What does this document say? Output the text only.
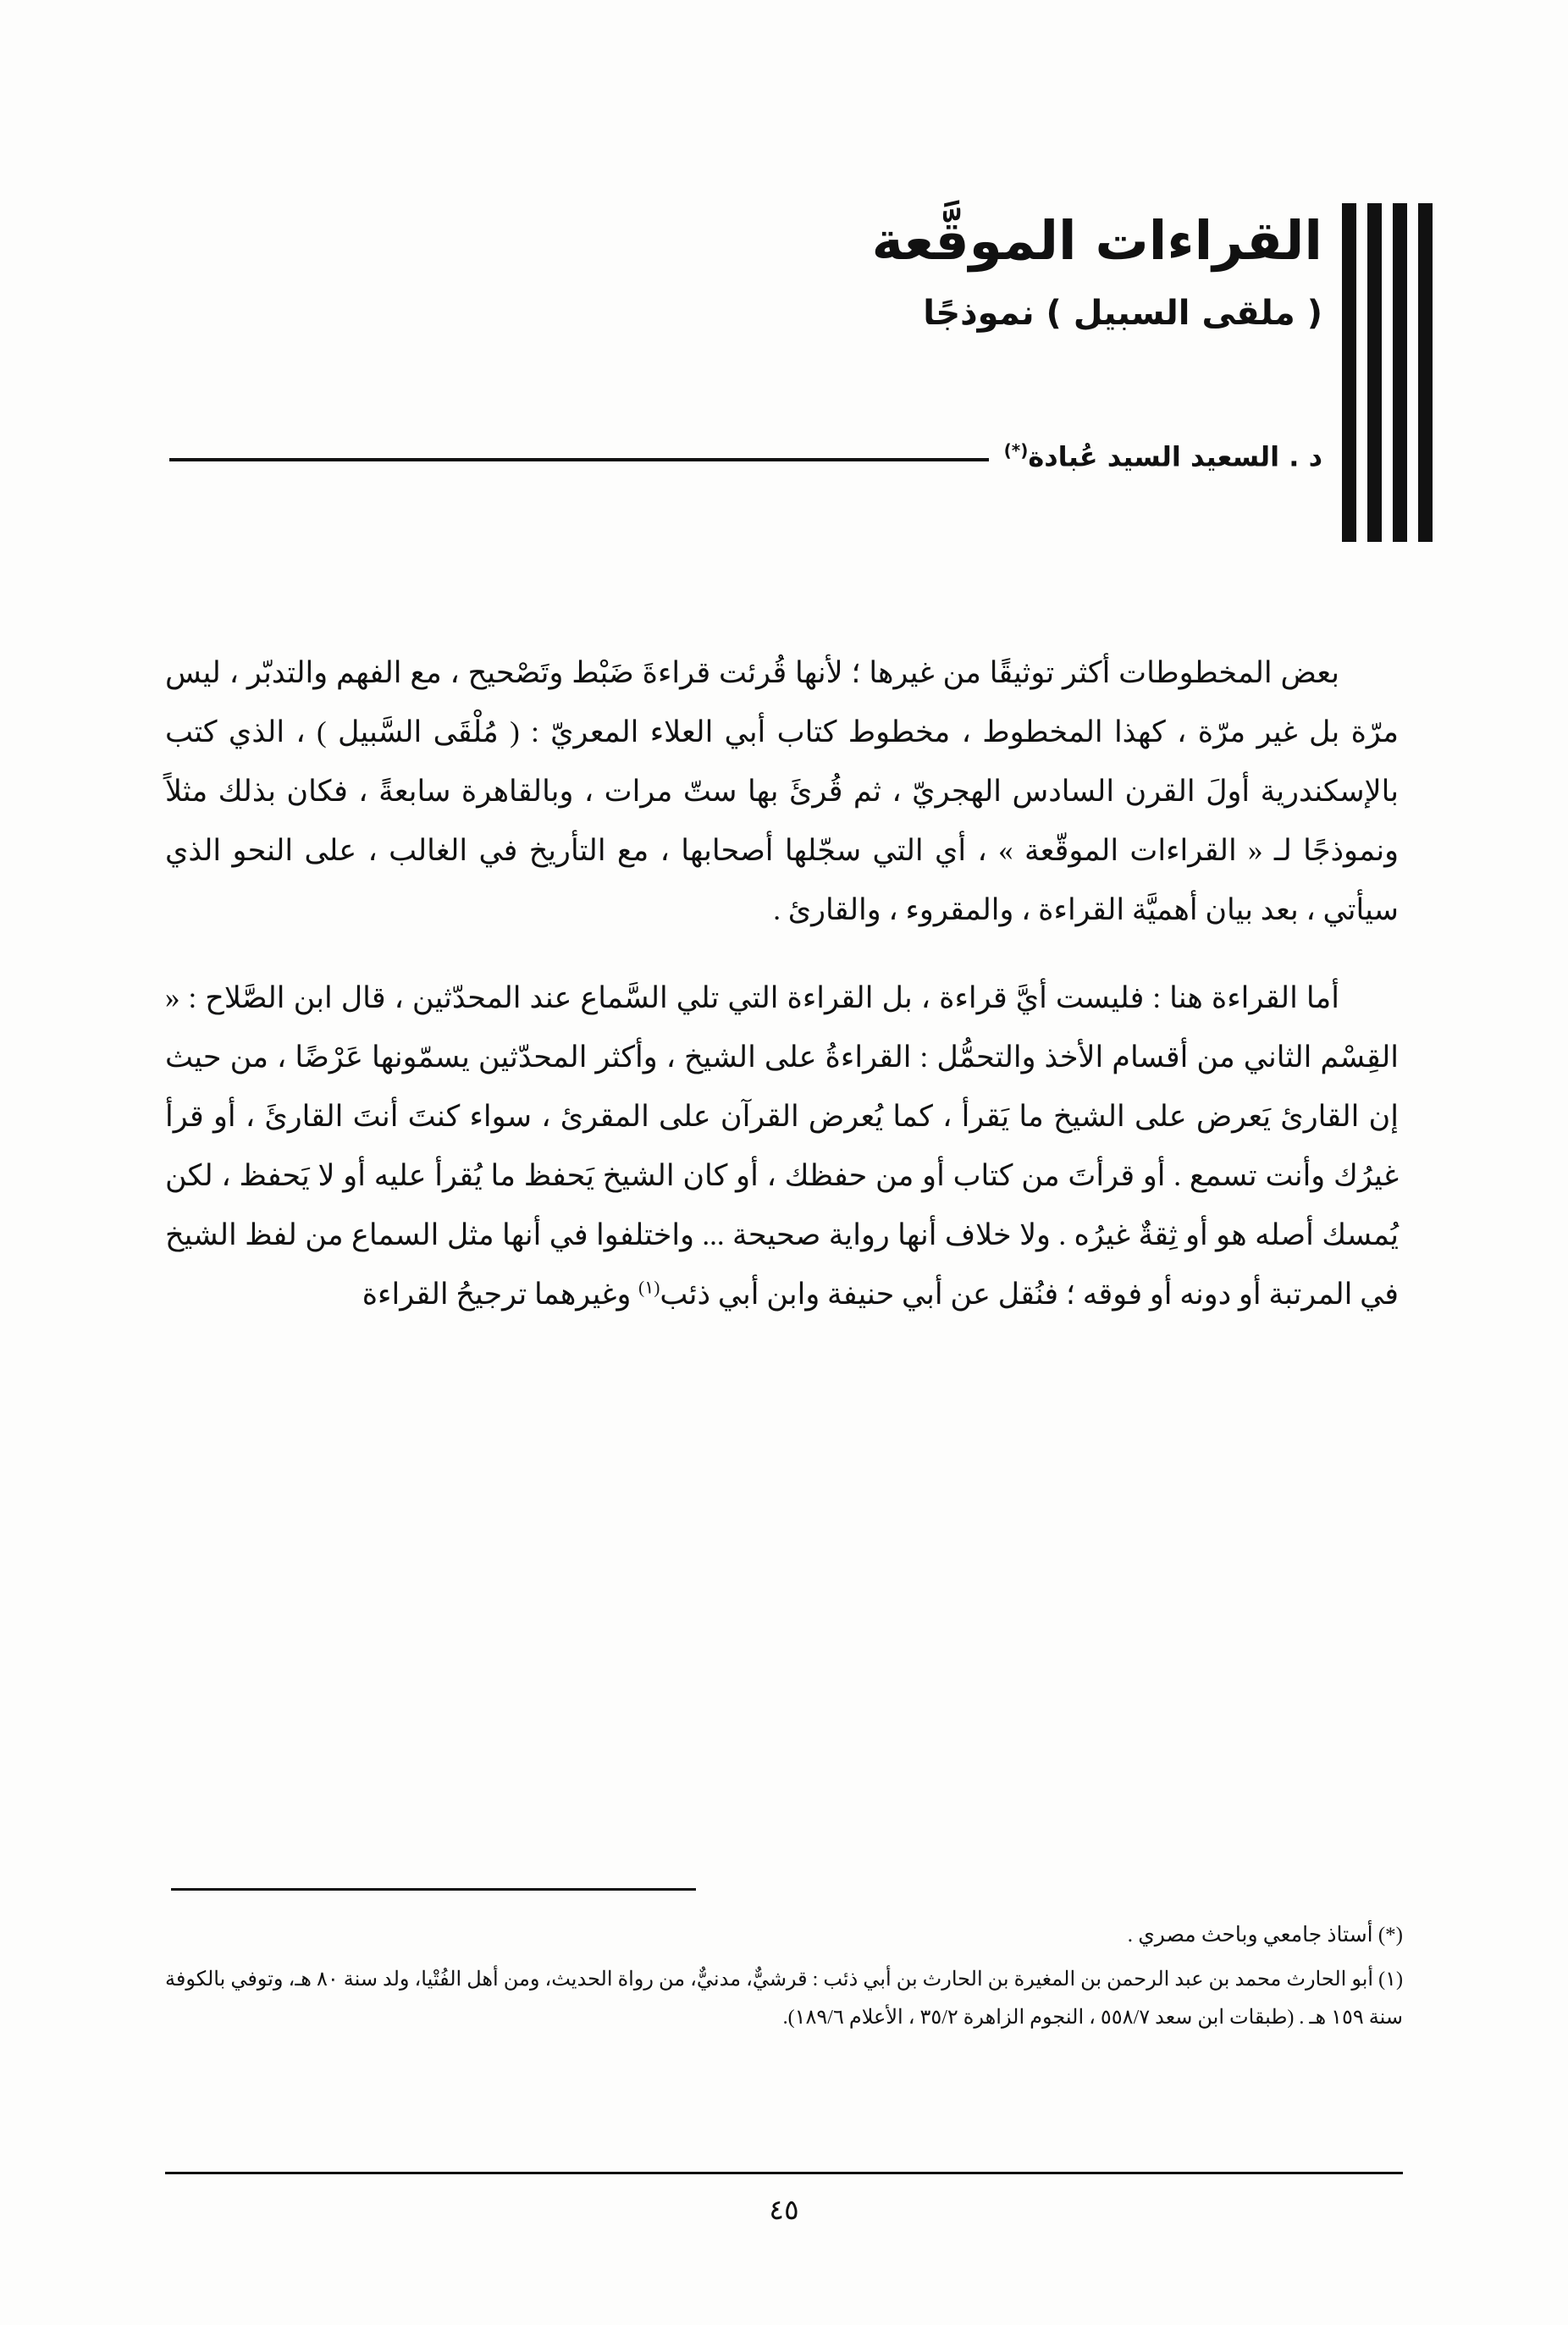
القراءات الموقَّعة
( ملقى السبيل ) نموذجًا
د . السعيد السيد عُبادة(*)

بعض المخطوطات أكثر توثيقًا من غيرها ؛ لأنها قُرئت قراءةَ ضَبْط وتَصْحيح ، مع الفهم والتدبّر ، ليس مرّة بل غير مرّة ، كهذا المخطوط ، مخطوط كتاب أبي العلاء المعريّ : ( مُلْقَى السَّبيل ) ، الذي كتب بالإسكندرية أولَ القرن السادس الهجريّ ، ثم قُرئَ بها ستّ مرات ، وبالقاهرة سابعةً ، فكان بذلك مثلاً ونموذجًا لـ « القراءات الموقّعة » ، أي التي سجّلها أصحابها ، مع التأريخ في الغالب ، على النحو الذي سيأتي ، بعد بيان أهميَّة القراءة ، والمقروء ، والقارئ .

أما القراءة هنا : فليست أيَّ قراءة ، بل القراءة التي تلي السَّماع عند المحدّثين ، قال ابن الصَّلاح : « القِسْم الثاني من أقسام الأخذ والتحمُّل : القراءةُ على الشيخ ، وأكثر المحدّثين يسمّونها عَرْضًا ، من حيث إن القارئ يَعرض على الشيخ ما يَقرأ ، كما يُعرض القرآن على المقرئ ، سواء كنتَ أنتَ القارئَ ، أو قرأ غيرُك وأنت تسمع . أو قرأتَ من كتاب أو من حفظك ، أو كان الشيخ يَحفظ ما يُقرأ عليه أو لا يَحفظ ، لكن يُمسك أصله هو أو ثِقةٌ غيرُه . ولا خلاف أنها رواية صحيحة ... واختلفوا في أنها مثل السماع من لفظ الشيخ في المرتبة أو دونه أو فوقه ؛ فنُقل عن أبي حنيفة وابن أبي ذئب$^{(١)}$ وغيرهما ترجيحُ القراءة

(*) أستاذ جامعي وباحث مصري .

(١) أبو الحارث محمد بن عبد الرحمن بن المغيرة بن الحارث بن أبي ذئب : قرشيٌّ، مدنيٌّ، من رواة الحديث، ومن أهل الفُتْيا، ولد سنة ٨٠ هـ، وتوفي بالكوفة سنة ١٥٩ هـ . (طبقات ابن سعد ٥٥٨/٧ ، النجوم الزاهرة ٣٥/٢ ، الأعلام ١٨٩/٦).

٤٥
